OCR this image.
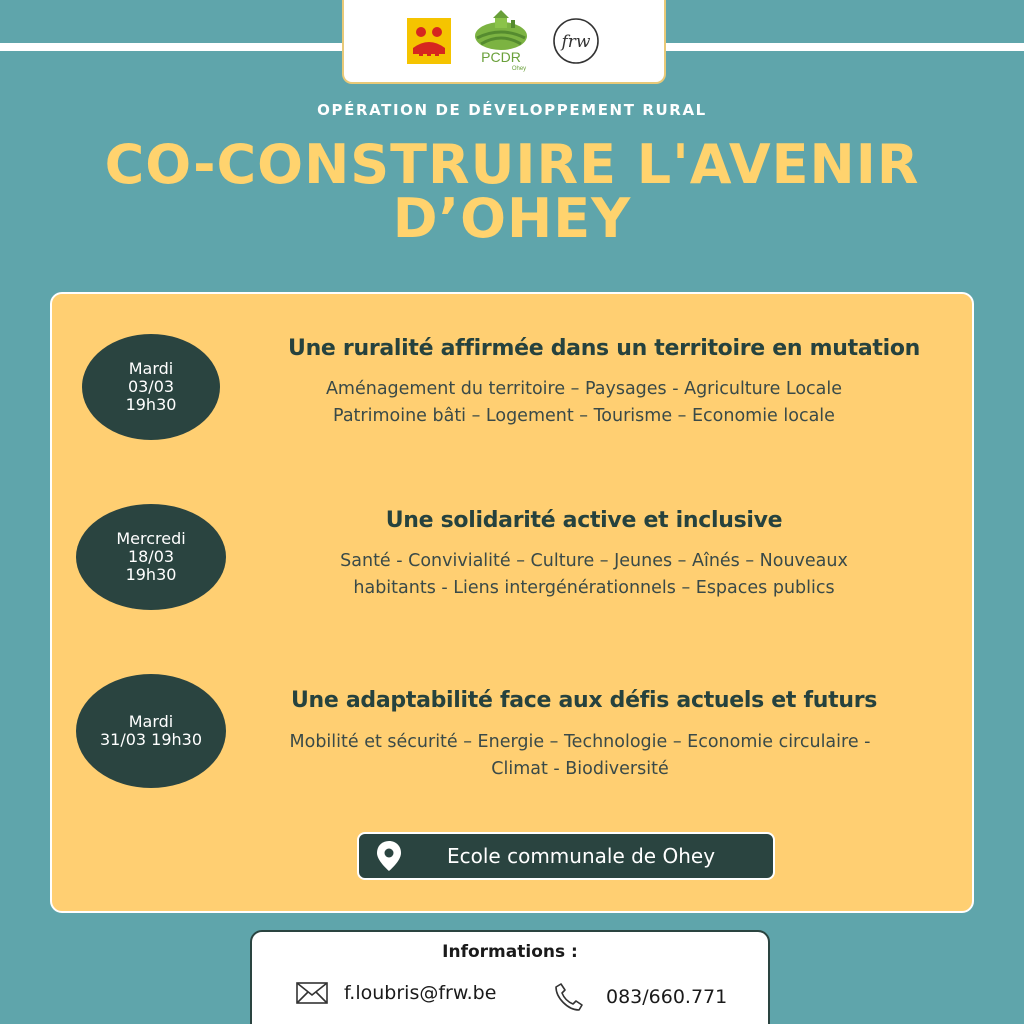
PCDR
Ohey
frw
OPÉRATION DE DÉVELOPPEMENT RURAL
CO-CONSTRUIRE L'AVENIR
D’OHEY
Mardi
03/03
19h30
Une ruralité affirmée dans un territoire en mutation
Aménagement du territoire – Paysages - Agriculture Locale
Patrimoine bâti – Logement – Tourisme – Economie locale
Mercredi
18/03
19h30
Une solidarité active et inclusive
Santé - Convivialité – Culture – Jeunes – Aînés – Nouveaux
habitants - Liens intergénérationnels – Espaces publics
Mardi
31/03 19h30
Une adaptabilité face aux défis actuels et futurs
Mobilité et sécurité – Energie – Technologie – Economie circulaire -
Climat - Biodiversité
Ecole communale de Ohey
Informations :
f.loubris@frw.be	083/660.771
